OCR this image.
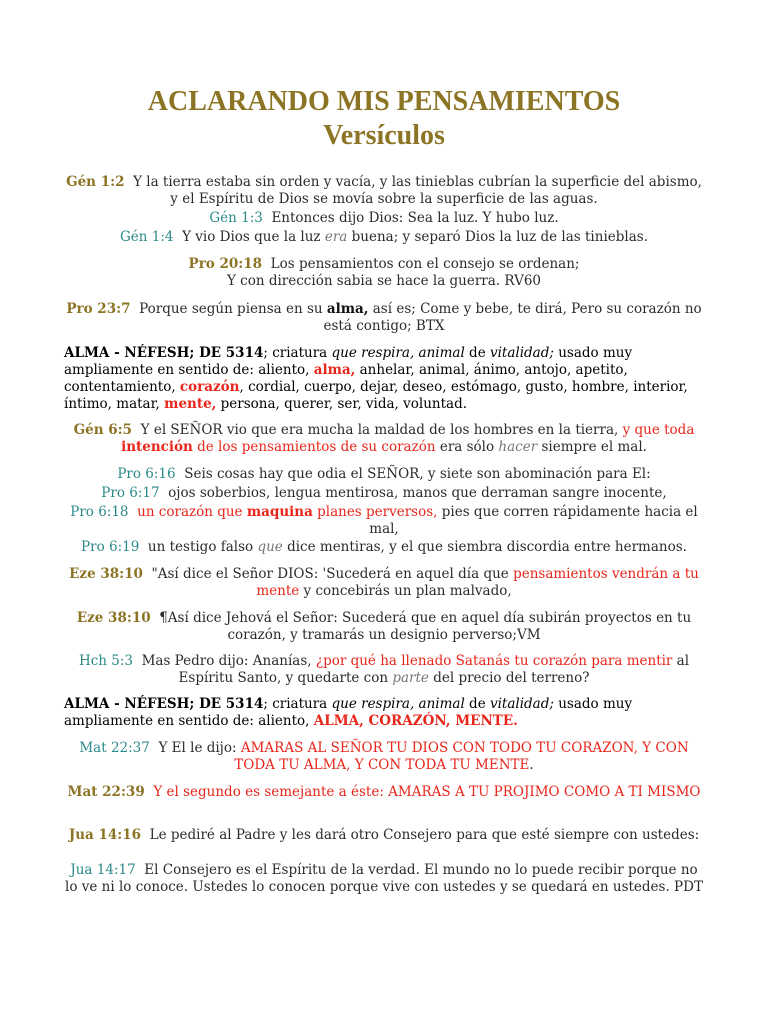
ACLARANDO MIS PENSAMIENTOS
Versículos
Gén 1:2 Y la tierra estaba sin orden y vacía, y las tinieblas cubrían la superficie del abismo, y el Espíritu de Dios se movía sobre la superficie de las aguas.
Gén 1:3 Entonces dijo Dios: Sea la luz. Y hubo luz.
Gén 1:4 Y vio Dios que la luz era buena; y separó Dios la luz de las tinieblas.
Pro 20:18 Los pensamientos con el consejo se ordenan;
Y con dirección sabia se hace la guerra. RV60
Pro 23:7 Porque según piensa en su alma, así es; Come y bebe, te dirá, Pero su corazón no está contigo; BTX
ALMA - NÉFESH; DE 5314; criatura que respira, animal de vitalidad; usado muy ampliamente en sentido de: aliento, alma, anhelar, animal, ánimo, antojo, apetito, contentamiento, corazón, cordial, cuerpo, dejar, deseo, estómago, gusto, hombre, interior, íntimo, matar, mente, persona, querer, ser, vida, voluntad.
Gén 6:5 Y el SEÑOR vio que era mucha la maldad de los hombres en la tierra, y que toda intención de los pensamientos de su corazón era sólo hacer siempre el mal.
Pro 6:16 Seis cosas hay que odia el SEÑOR, y siete son abominación para El:
Pro 6:17 ojos soberbios, lengua mentirosa, manos que derraman sangre inocente,
Pro 6:18 un corazón que maquina planes perversos, pies que corren rápidamente hacia el mal,
Pro 6:19 un testigo falso que dice mentiras, y el que siembra discordia entre hermanos.
Eze 38:10 "Así dice el Señor DIOS: 'Sucederá en aquel día que pensamientos vendrán a tu mente y concebirás un plan malvado,
Eze 38:10 ¶Así dice Jehová el Señor: Sucederá que en aquel día subirán proyectos en tu corazón, y tramarás un designio perverso;VM
Hch 5:3 Mas Pedro dijo: Ananías, ¿por qué ha llenado Satanás tu corazón para mentir al Espíritu Santo, y quedarte con parte del precio del terreno?
ALMA - NÉFESH; DE 5314; criatura que respira, animal de vitalidad; usado muy ampliamente en sentido de: aliento, ALMA, CORAZÓN, MENTE.
Mat 22:37 Y El le dijo: AMARAS AL SEÑOR TU DIOS CON TODO TU CORAZON, Y CON TODA TU ALMA, Y CON TODA TU MENTE.
Mat 22:39 Y el segundo es semejante a éste: AMARAS A TU PROJIMO COMO A TI MISMO
Jua 14:16 Le pediré al Padre y les dará otro Consejero para que esté siempre con ustedes:
Jua 14:17 El Consejero es el Espíritu de la verdad. El mundo no lo puede recibir porque no lo ve ni lo conoce. Ustedes lo conocen porque vive con ustedes y se quedará en ustedes. PDT
